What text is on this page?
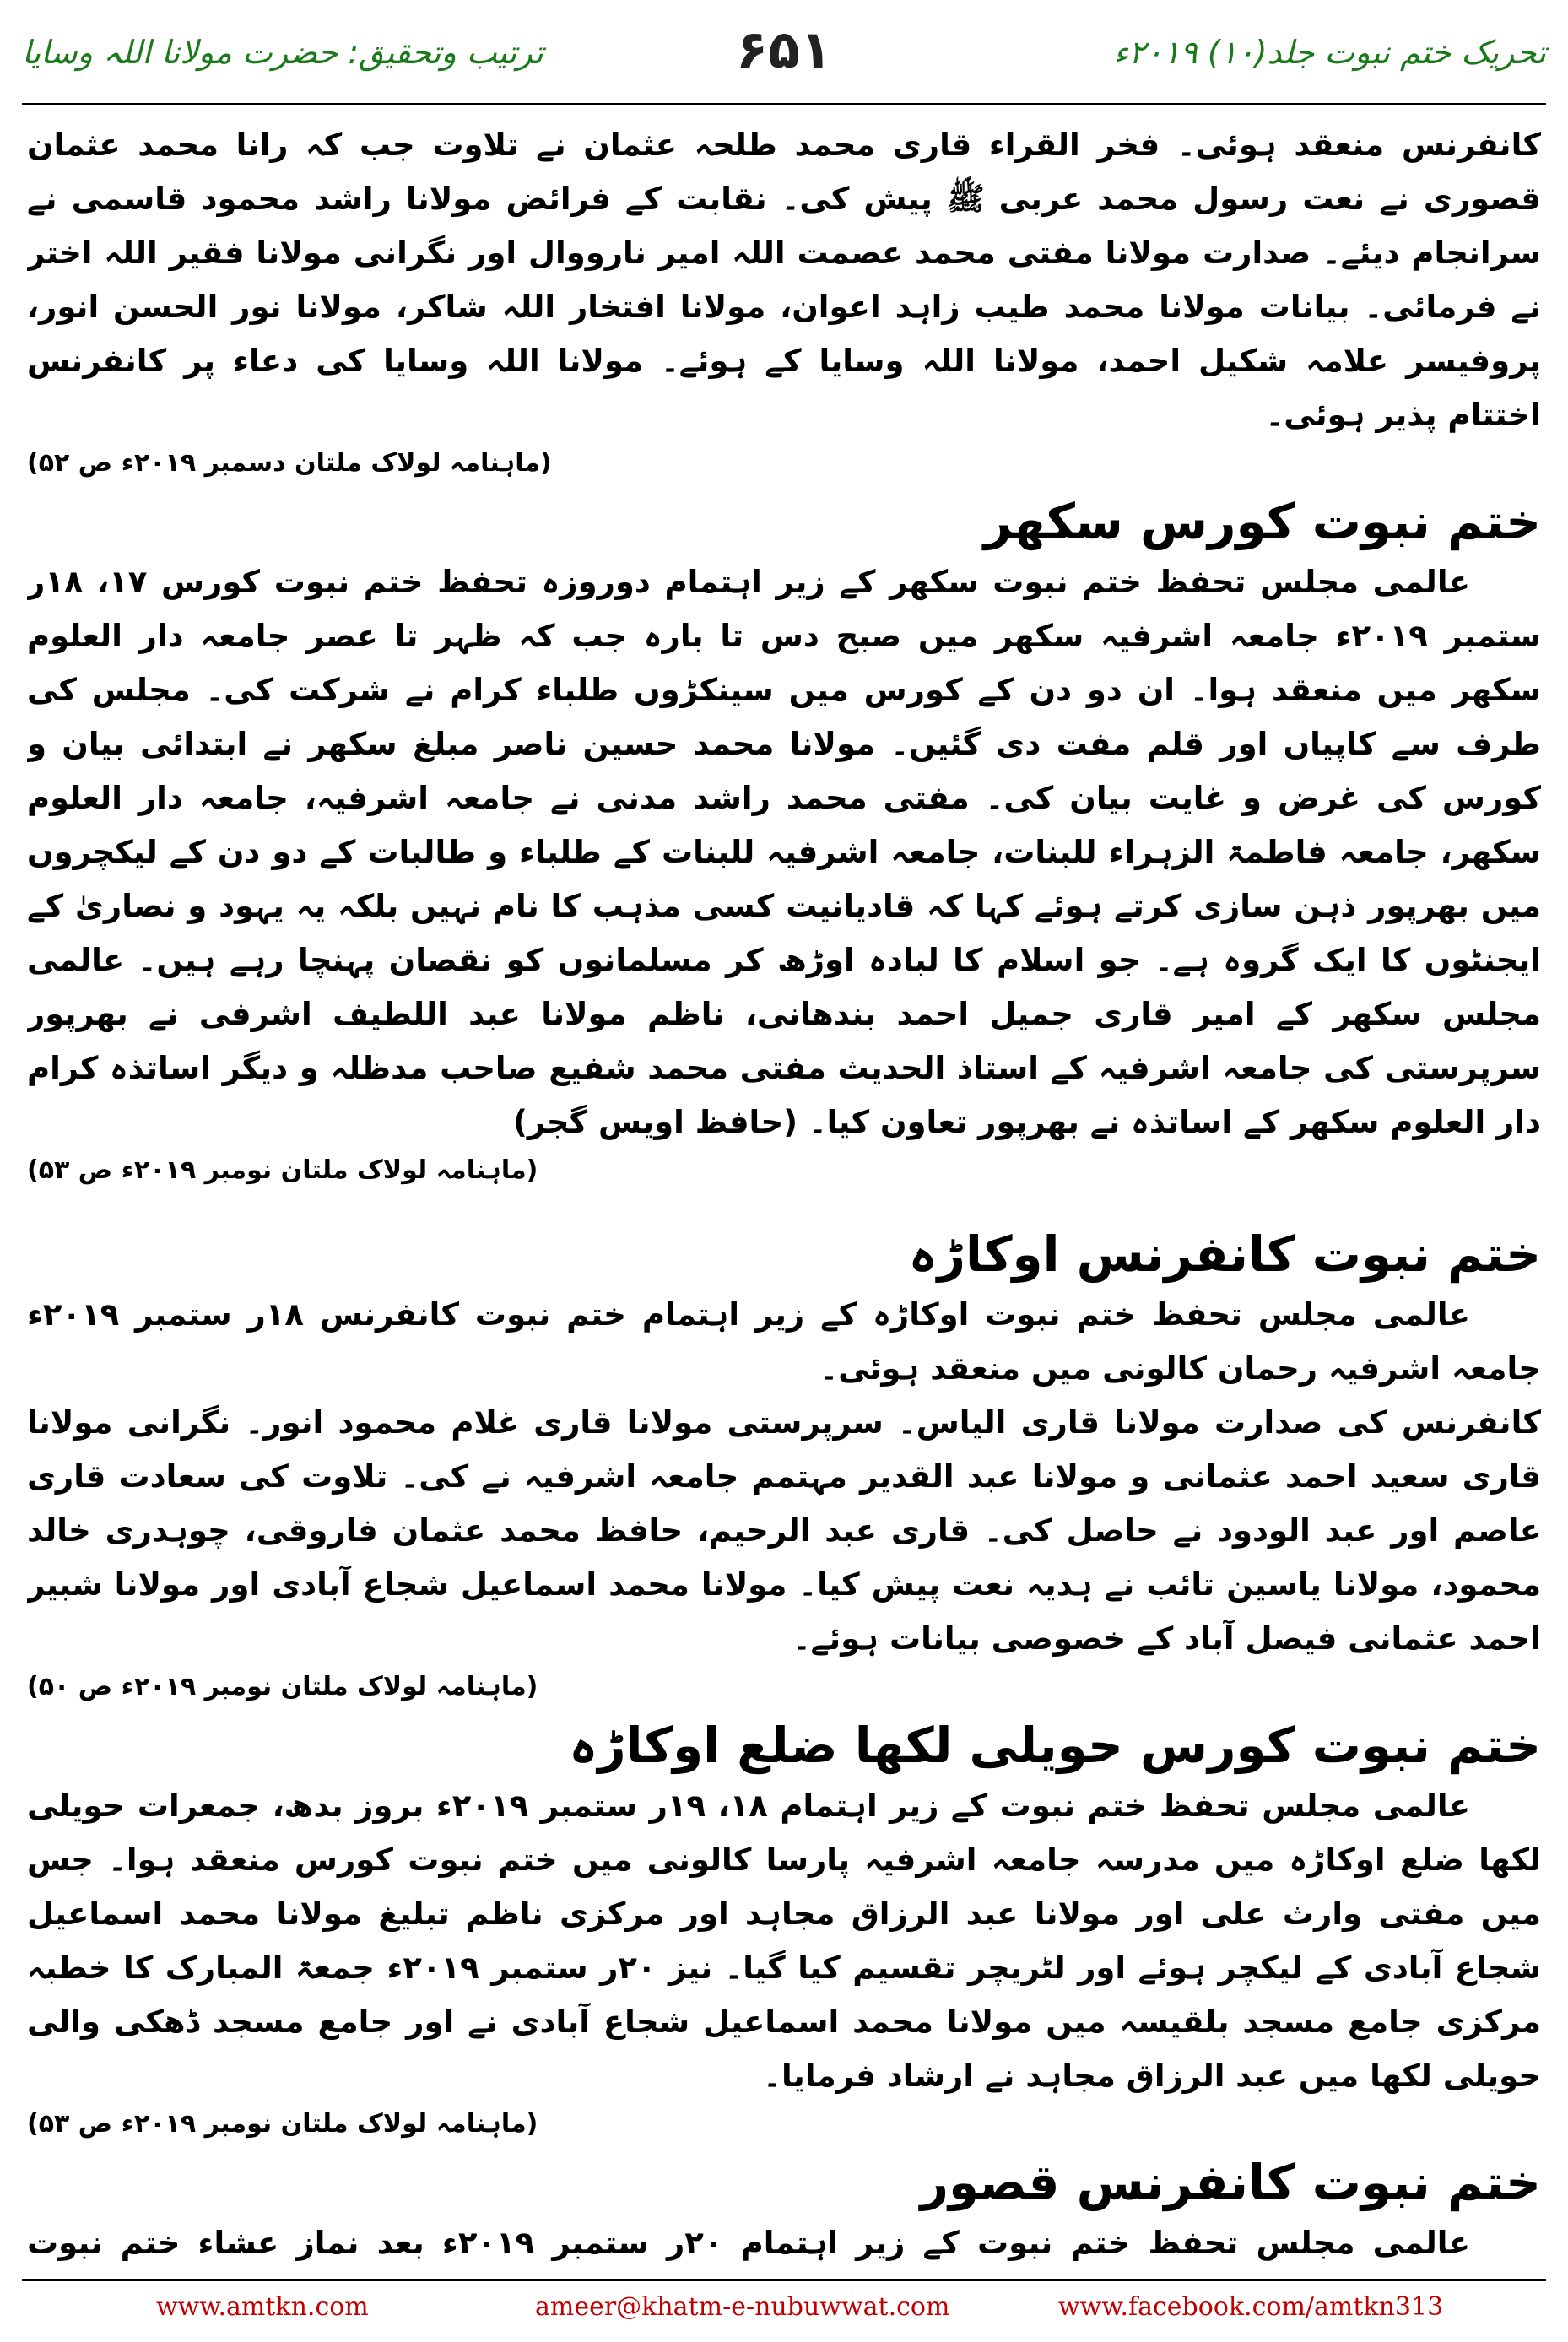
تحریک ختم نبوت جلد(۱۰) ۲۰۱۹ء
۶۵۱
ترتیب وتحقیق: حضرت مولانا اللہ وسایا

کانفرنس منعقد ہوئی۔ فخر القراء قاری محمد طلحہ عثمان نے تلاوت جب کہ رانا محمد عثمان قصوری نے نعت رسول محمد عربی ﷺ پیش کی۔ نقابت کے فرائض مولانا راشد محمود قاسمی نے سرانجام دیئے۔ صدارت مولانا مفتی محمد عصمت اللہ امیر نارووال اور نگرانی مولانا فقیر اللہ اختر نے فرمائی۔ بیانات مولانا محمد طیب زاہد اعوان، مولانا افتخار اللہ شاکر، مولانا نور الحسن انور، پروفیسر علامہ شکیل احمد، مولانا اللہ وسایا کے ہوئے۔ مولانا اللہ وسایا کی دعاء پر کانفرنس اختتام پذیر ہوئی۔

(ماہنامہ لولاک ملتان دسمبر ۲۰۱۹ء ص ۵۲)

ختم نبوت کورس سکھر

عالمی مجلس تحفظ ختم نبوت سکھر کے زیر اہتمام دوروزہ تحفظ ختم نبوت کورس ۱۷، ۱۸ر ستمبر ۲۰۱۹ء جامعہ اشرفیہ سکھر میں صبح دس تا بارہ جب کہ ظہر تا عصر جامعہ دار العلوم سکھر میں منعقد ہوا۔ ان دو دن کے کورس میں سینکڑوں طلباء کرام نے شرکت کی۔ مجلس کی طرف سے کاپیاں اور قلم مفت دی گئیں۔ مولانا محمد حسین ناصر مبلغ سکھر نے ابتدائی بیان و کورس کی غرض و غایت بیان کی۔ مفتی محمد راشد مدنی نے جامعہ اشرفیہ، جامعہ دار العلوم سکھر، جامعہ فاطمۃ الزہراء للبنات، جامعہ اشرفیہ للبنات کے طلباء و طالبات کے دو دن کے لیکچروں میں بھرپور ذہن سازی کرتے ہوئے کہا کہ قادیانیت کسی مذہب کا نام نہیں بلکہ یہ یہود و نصاریٰ کے ایجنٹوں کا ایک گروہ ہے۔ جو اسلام کا لبادہ اوڑھ کر مسلمانوں کو نقصان پہنچا رہے ہیں۔ عالمی مجلس سکھر کے امیر قاری جمیل احمد بندھانی، ناظم مولانا عبد اللطیف اشرفی نے بھرپور سرپرستی کی جامعہ اشرفیہ کے استاذ الحدیث مفتی محمد شفیع صاحب مدظلہ و دیگر اساتذہ کرام دار العلوم سکھر کے اساتذہ نے بھرپور تعاون کیا۔ (حافظ اویس گجر)

(ماہنامہ لولاک ملتان نومبر ۲۰۱۹ء ص ۵۳)

ختم نبوت کانفرنس اوکاڑہ

عالمی مجلس تحفظ ختم نبوت اوکاڑہ کے زیر اہتمام ختم نبوت کانفرنس ۱۸ر ستمبر ۲۰۱۹ء جامعہ اشرفیہ رحمان کالونی میں منعقد ہوئی۔

کانفرنس کی صدارت مولانا قاری الیاس۔ سرپرستی مولانا قاری غلام محمود انور۔ نگرانی مولانا قاری سعید احمد عثمانی و مولانا عبد القدیر مہتمم جامعہ اشرفیہ نے کی۔ تلاوت کی سعادت قاری عاصم اور عبد الودود نے حاصل کی۔ قاری عبد الرحیم، حافظ محمد عثمان فاروقی، چوہدری خالد محمود، مولانا یاسین تائب نے ہدیہ نعت پیش کیا۔ مولانا محمد اسماعیل شجاع آبادی اور مولانا شبیر احمد عثمانی فیصل آباد کے خصوصی بیانات ہوئے۔

(ماہنامہ لولاک ملتان نومبر ۲۰۱۹ء ص ۵۰)

ختم نبوت کورس حویلی لکھا ضلع اوکاڑہ

عالمی مجلس تحفظ ختم نبوت کے زیر اہتمام ۱۸، ۱۹ر ستمبر ۲۰۱۹ء بروز بدھ، جمعرات حویلی لکھا ضلع اوکاڑہ میں مدرسہ جامعہ اشرفیہ پارسا کالونی میں ختم نبوت کورس منعقد ہوا۔ جس میں مفتی وارث علی اور مولانا عبد الرزاق مجاہد اور مرکزی ناظم تبلیغ مولانا محمد اسماعیل شجاع آبادی کے لیکچر ہوئے اور لٹریچر تقسیم کیا گیا۔ نیز ۲۰ر ستمبر ۲۰۱۹ء جمعۃ المبارک کا خطبہ مرکزی جامع مسجد بلقیسہ میں مولانا محمد اسماعیل شجاع آبادی نے اور جامع مسجد ڈھکی والی حویلی لکھا میں عبد الرزاق مجاہد نے ارشاد فرمایا۔

(ماہنامہ لولاک ملتان نومبر ۲۰۱۹ء ص ۵۳)

ختم نبوت کانفرنس قصور

عالمی مجلس تحفظ ختم نبوت کے زیر اہتمام ۲۰ر ستمبر ۲۰۱۹ء بعد نماز عشاء ختم نبوت

www.amtkn.com	ameer@khatm-e-nubuwwat.com	www.facebook.com/amtkn313
